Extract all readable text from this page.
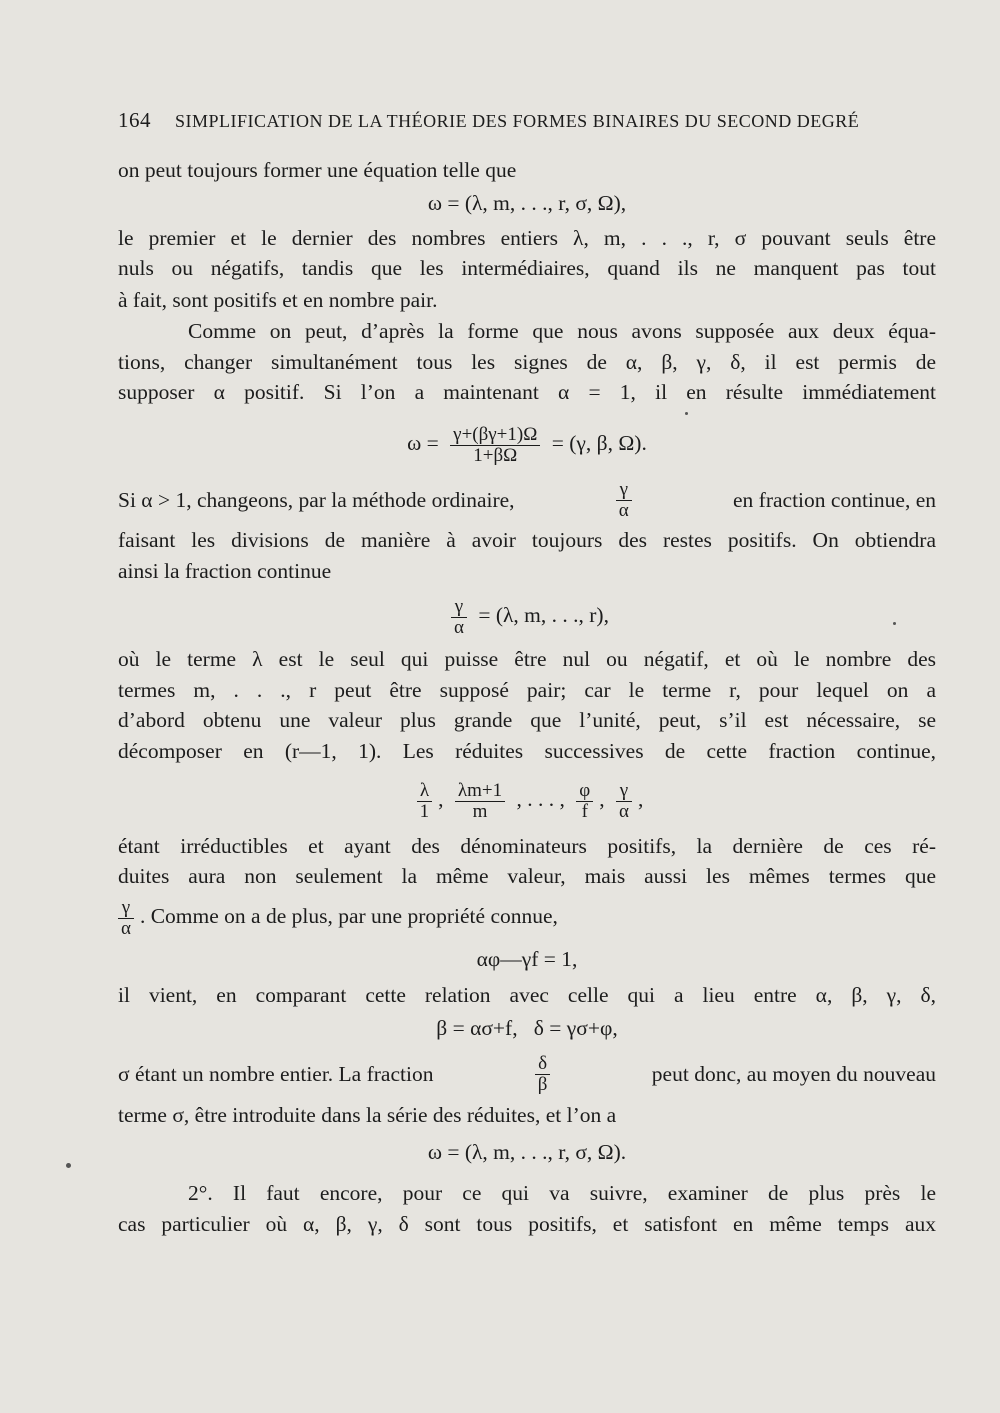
164 SIMPLIFICATION DE LA THÉORIE DES FORMES BINAIRES DU SECOND DEGRÉ
on peut toujours former une équation telle que
ω = (λ, m, . . ., r, σ, Ω),
le premier et le dernier des nombres entiers λ, m, . . ., r, σ pouvant seuls être
nuls ou négatifs, tandis que les intermédiaires, quand ils ne manquent pas tout
à fait, sont positifs et en nombre pair.
Comme on peut, d’après la forme que nous avons supposée aux deux équa-
tions, changer simultanément tous les signes de α, β, γ, δ, il est permis de
supposer α positif. Si l’on a maintenant α = 1, il en résulte immédiatement
$\omega = \frac{\gamma+(\beta\gamma+1)\Omega}{1+\beta\Omega} = (\gamma$, β, Ω).
Si α > 1, changeons, par la méthode ordinaire,	$\frac{\gamma}{\alpha}$	en fraction continue, en
faisant les divisions de manière à avoir toujours des restes positifs. On obtiendra
ainsi la fraction continue
$\frac{\gamma}{\alpha} = (\lambda$, m, . . ., r),
où le terme λ est le seul qui puisse être nul ou négatif, et où le nombre des
termes m, . . ., r peut être supposé pair; car le terme r, pour lequel on a
d’abord obtenu une valeur plus grande que l’unité, peut, s’il est nécessaire, se
décomposer en (r—1, 1). Les réduites successives de cette fraction continue,
$\frac{\lambda}{1}$ , $\frac{\lambda m+1}{m}$ , . . . , $\frac{\varphi}{f}$ , $\frac{\gamma}{\alpha}$ ,
étant irréductibles et ayant des dénominateurs positifs, la dernière de ces ré-
duites aura non seulement la même valeur, mais aussi les mêmes termes que
$\frac{\gamma}{\alpha}$ . Comme on a de plus, par une propriété connue,
αφ—γf = 1,
il vient, en comparant cette relation avec celle qui a lieu entre α, β, γ, δ,
β = ασ+f,   δ = γσ+φ,
σ étant un nombre entier. La fraction	$\frac{\delta}{\beta}$	peut donc, au moyen du nouveau
terme σ, être introduite dans la série des réduites, et l’on a
ω = (λ, m, . . ., r, σ, Ω).
2°. Il faut encore, pour ce qui va suivre, examiner de plus près le
cas particulier où α, β, γ, δ sont tous positifs, et satisfont en même temps aux
